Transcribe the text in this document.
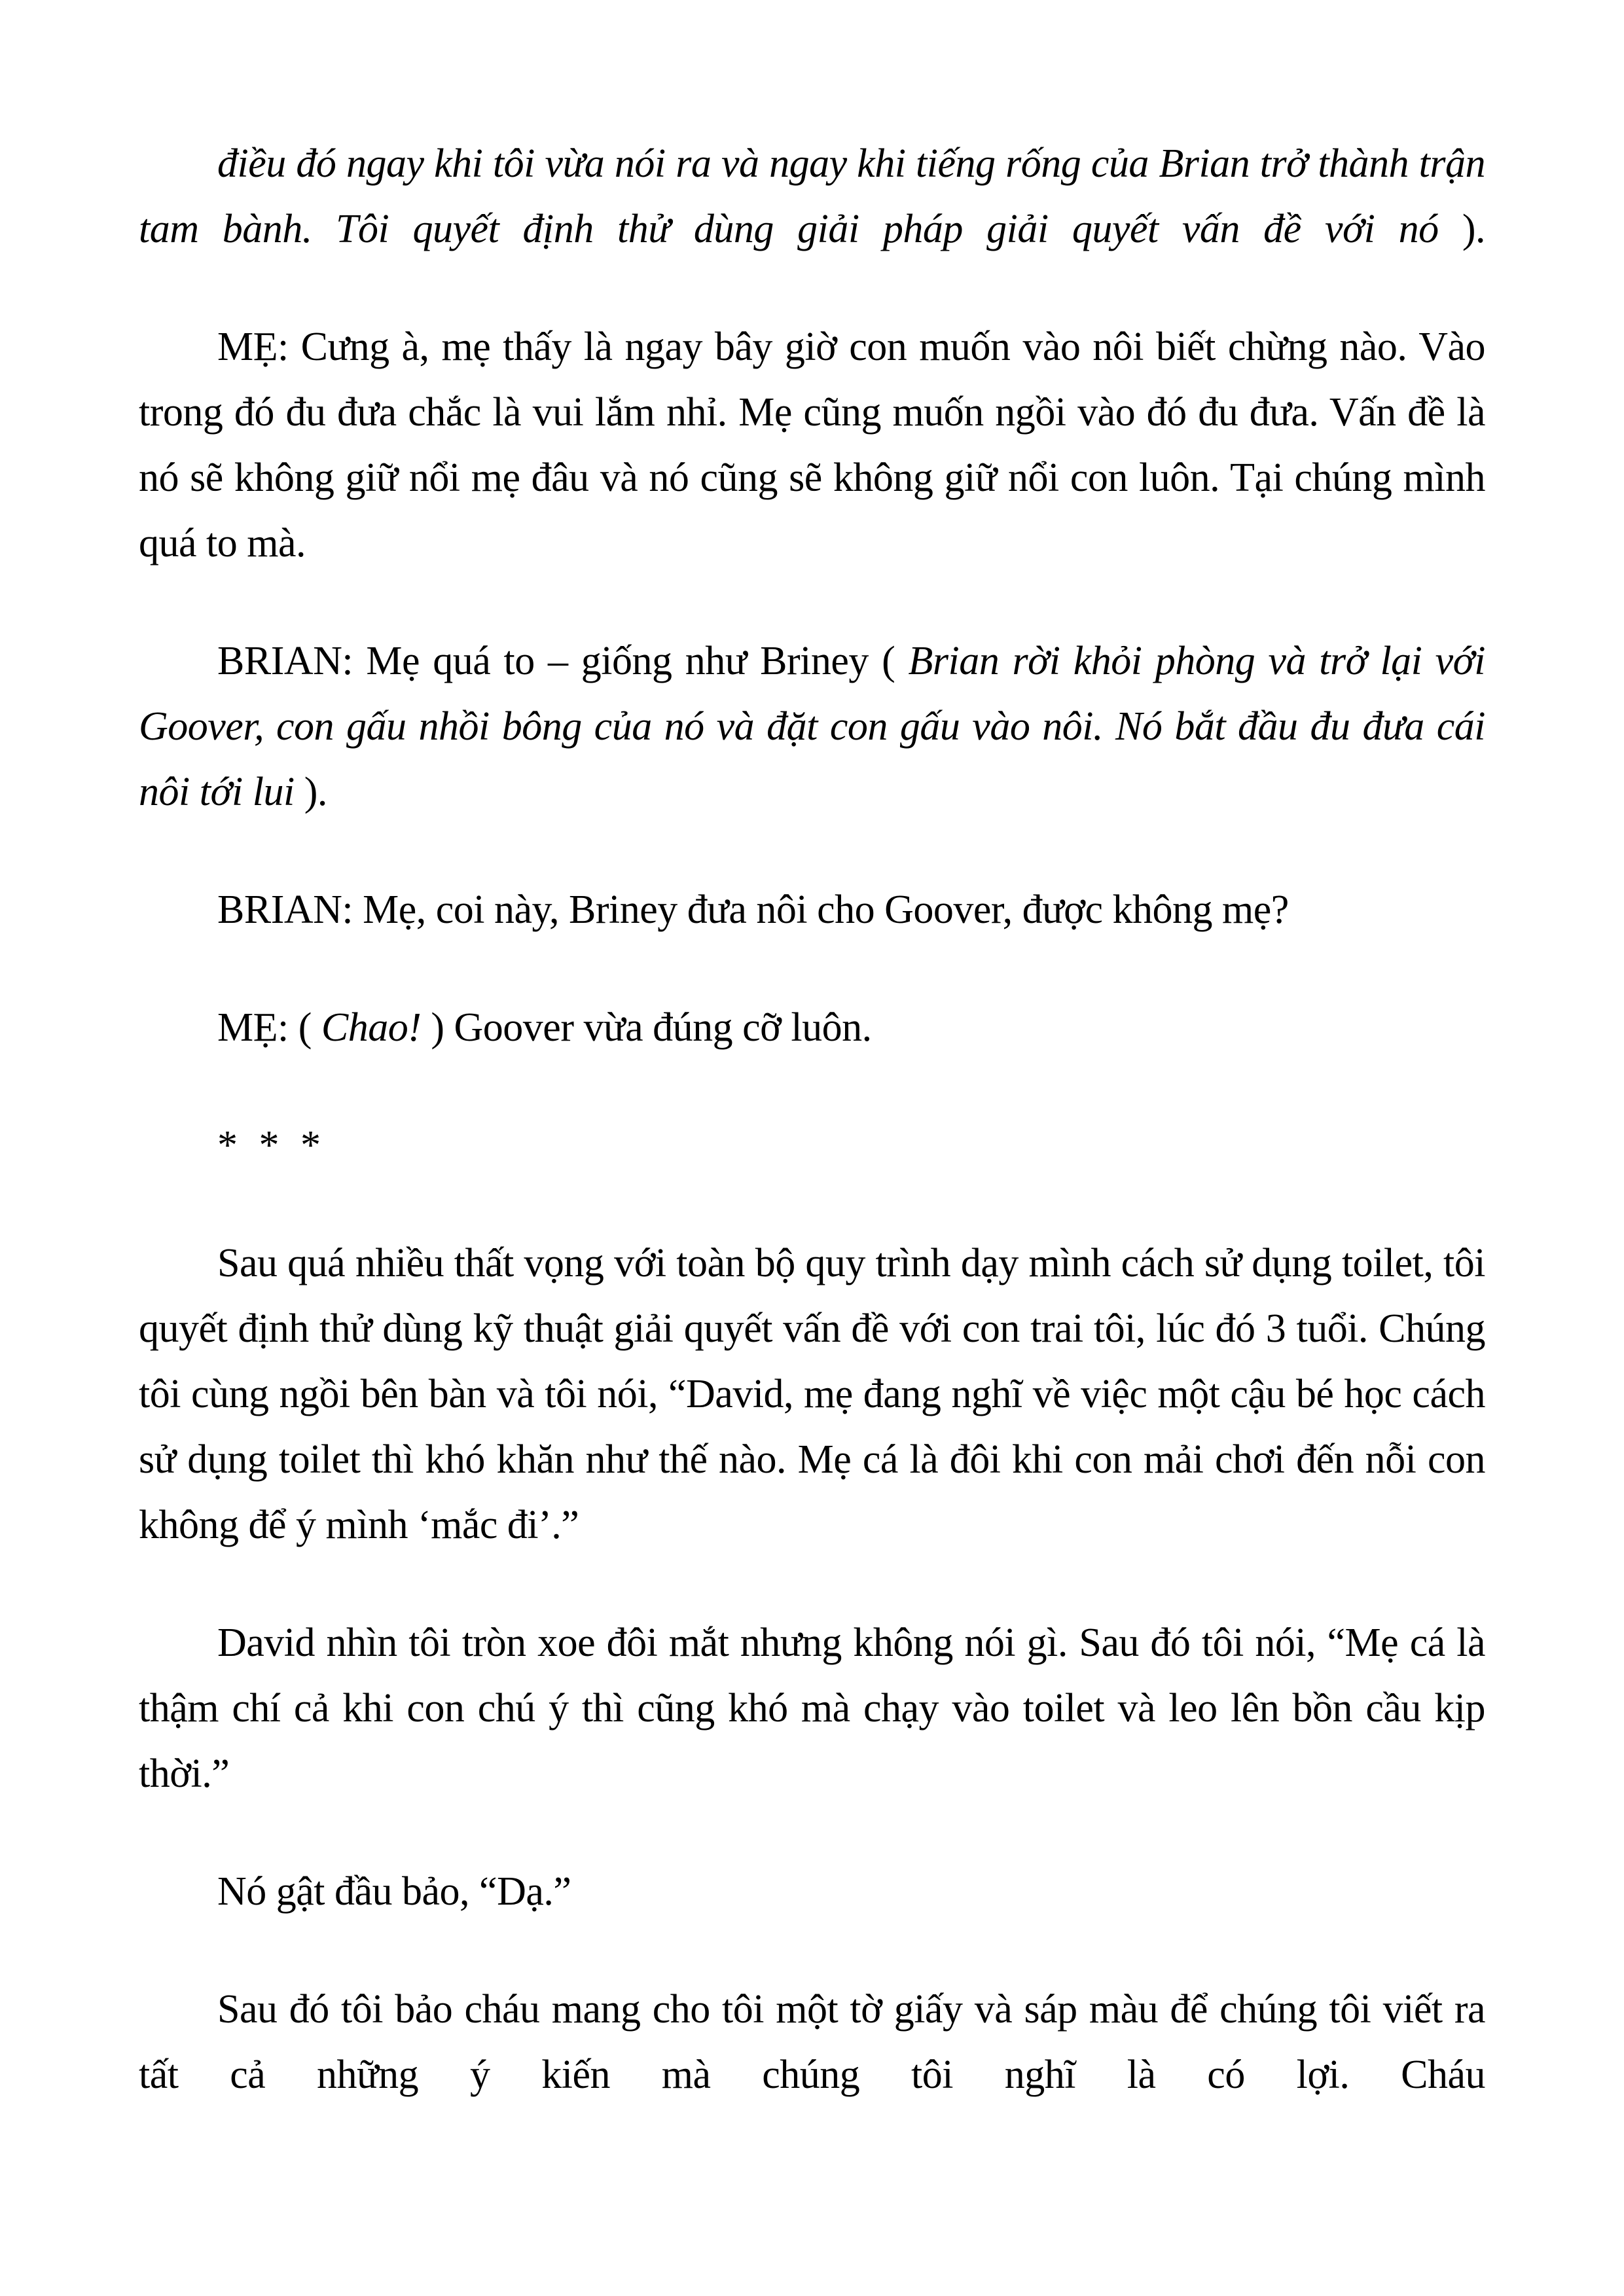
điều đó ngay khi tôi vừa nói ra và ngay khi tiếng rống của Brian trở thành trận tam bành. Tôi quyết định thử dùng giải pháp giải quyết vấn đề với nó ).

MẸ: Cưng à, mẹ thấy là ngay bây giờ con muốn vào nôi biết chừng nào. Vào trong đó đu đưa chắc là vui lắm nhỉ. Mẹ cũng muốn ngồi vào đó đu đưa. Vấn đề là nó sẽ không giữ nổi mẹ đâu và nó cũng sẽ không giữ nổi con luôn. Tại chúng mình quá to mà.

BRIAN: Mẹ quá to – giống như Briney ( Brian rời khỏi phòng và trở lại với Goover, con gấu nhồi bông của nó và đặt con gấu vào nôi. Nó bắt đầu đu đưa cái nôi tới lui ).

BRIAN: Mẹ, coi này, Briney đưa nôi cho Goover, được không mẹ?

MẸ: ( Chao! ) Goover vừa đúng cỡ luôn.

* * *

Sau quá nhiều thất vọng với toàn bộ quy trình dạy mình cách sử dụng toilet, tôi quyết định thử dùng kỹ thuật giải quyết vấn đề với con trai tôi, lúc đó 3 tuổi. Chúng tôi cùng ngồi bên bàn và tôi nói, “David, mẹ đang nghĩ về việc một cậu bé học cách sử dụng toilet thì khó khăn như thế nào. Mẹ cá là đôi khi con mải chơi đến nỗi con không để ý mình ‘mắc đi’.”

David nhìn tôi tròn xoe đôi mắt nhưng không nói gì. Sau đó tôi nói, “Mẹ cá là thậm chí cả khi con chú ý thì cũng khó mà chạy vào toilet và leo lên bồn cầu kịp thời.”

Nó gật đầu bảo, “Dạ.”

Sau đó tôi bảo cháu mang cho tôi một tờ giấy và sáp màu để chúng tôi viết ra tất cả những ý kiến mà chúng tôi nghĩ là có lợi. Cháu
